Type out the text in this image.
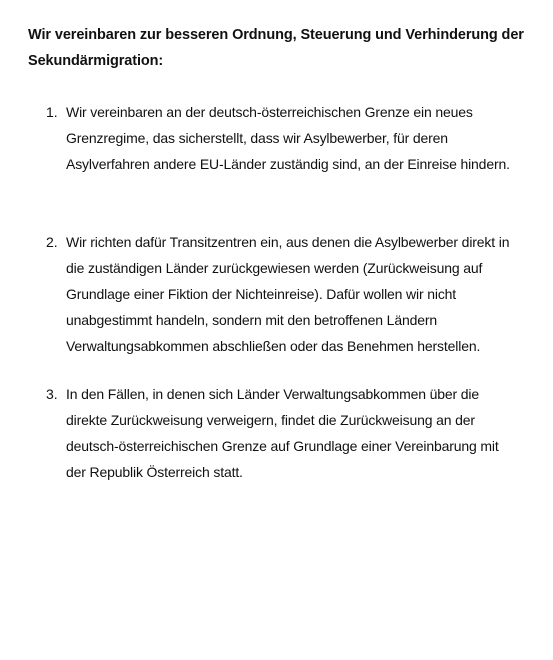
Wir vereinbaren zur besseren Ordnung, Steuerung und Verhinderung der Sekundärmigration:
1. Wir vereinbaren an der deutsch-österreichischen Grenze ein neues Grenzregime, das sicherstellt, dass wir Asylbewerber, für deren Asylverfahren andere EU-Länder zuständig sind, an der Einreise hindern.
2. Wir richten dafür Transitzentren ein, aus denen die Asylbewerber direkt in die zuständigen Länder zurückgewiesen werden (Zurückweisung auf Grundlage einer Fiktion der Nichteinreise). Dafür wollen wir nicht unabgestimmt handeln, sondern mit den betroffenen Ländern Verwaltungsabkommen abschließen oder das Benehmen herstellen.
3. In den Fällen, in denen sich Länder Verwaltungsabkommen über die direkte Zurückweisung verweigern, findet die Zurückweisung an der deutsch-österreichischen Grenze auf Grundlage einer Vereinbarung mit der Republik Österreich statt.
